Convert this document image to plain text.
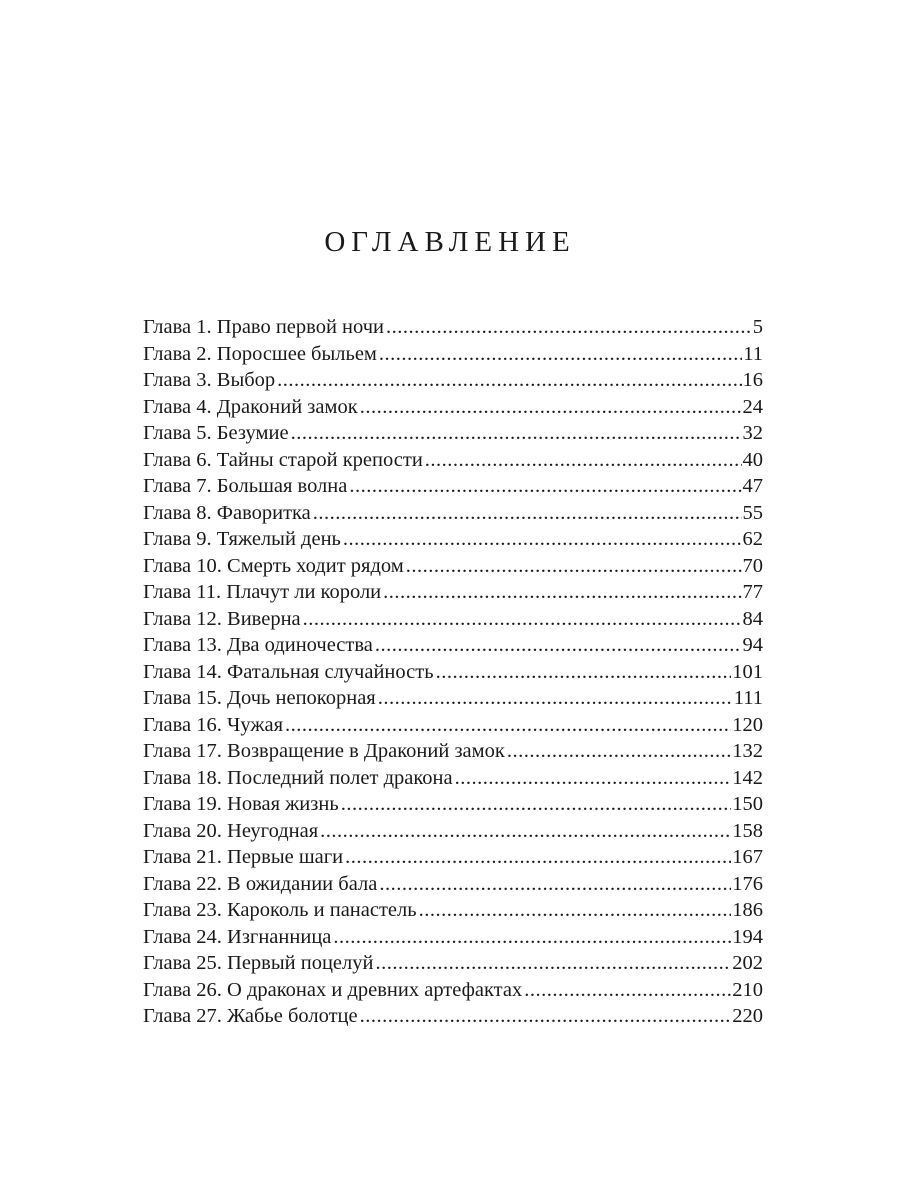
ОГЛАВЛЕНИЕ
Глава 1. Право первой ночи .....	5
Глава 2. Поросшее быльем .....	11
Глава 3. Выбор .....	16
Глава 4. Драконий замок .....	24
Глава 5. Безумие .....	32
Глава 6. Тайны старой крепости .....	40
Глава 7. Большая волна .....	47
Глава 8. Фаворитка .....	55
Глава 9. Тяжелый день .....	62
Глава 10. Смерть ходит рядом .....	70
Глава 11. Плачут ли короли .....	77
Глава 12. Виверна .....	84
Глава 13. Два одиночества .....	94
Глава 14. Фатальная случайность .....	101
Глава 15. Дочь непокорная .....	111
Глава 16. Чужая .....	120
Глава 17. Возвращение в Драконий замок .....	132
Глава 18. Последний полет дракона .....	142
Глава 19. Новая жизнь .....	150
Глава 20. Неугодная .....	158
Глава 21. Первые шаги .....	167
Глава 22. В ожидании бала .....	176
Глава 23. Кароколь и панастель .....	186
Глава 24. Изгнанница .....	194
Глава 25. Первый поцелуй .....	202
Глава 26. О драконах и древних артефактах .....	210
Глава 27. Жабье болотце .....	220
